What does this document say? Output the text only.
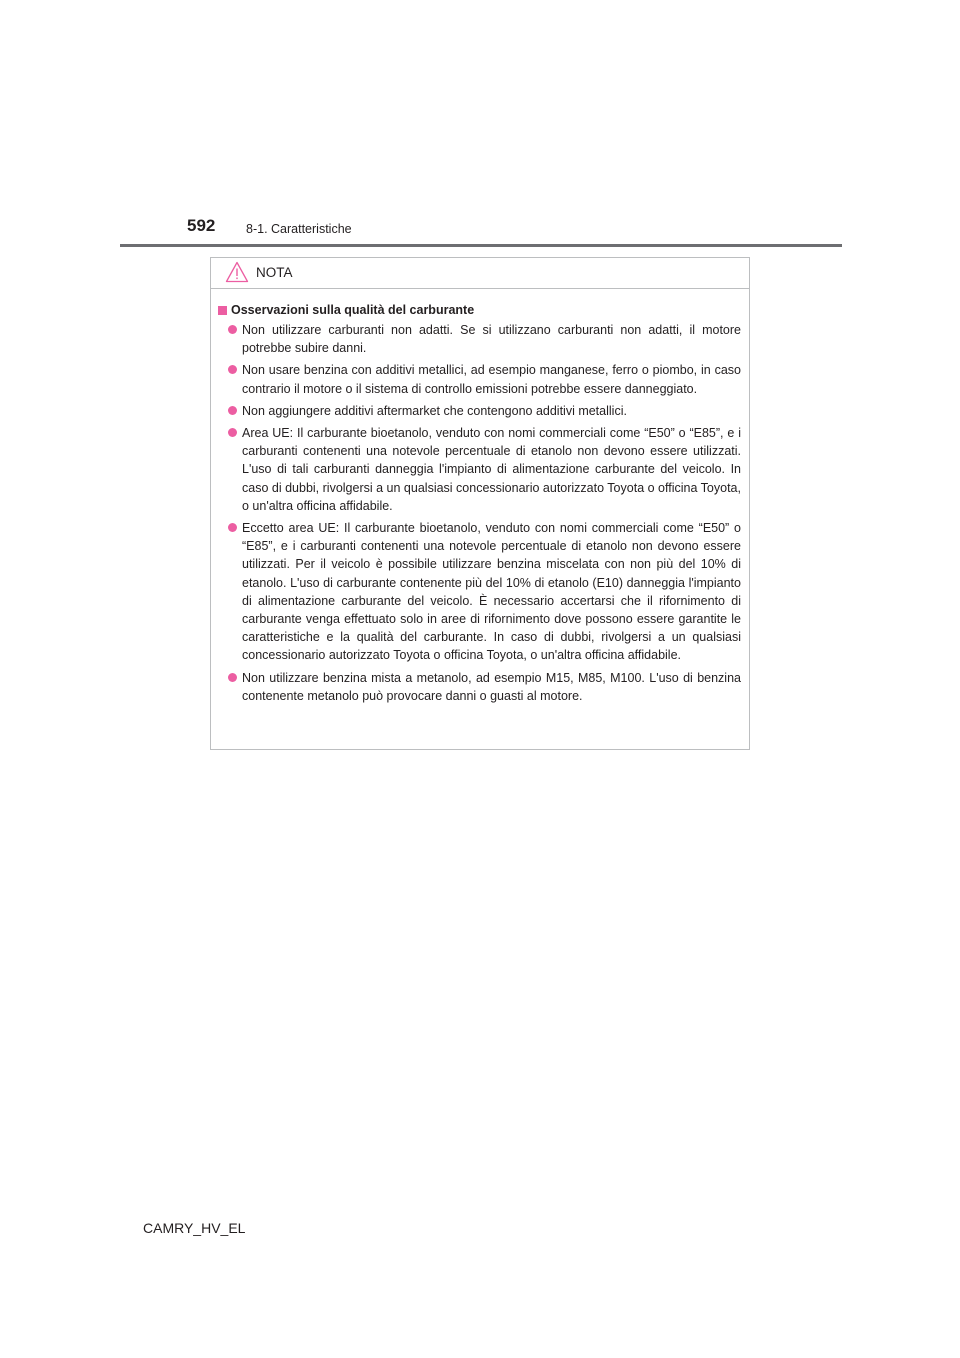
592 8-1. Caratteristiche
NOTA
Osservazioni sulla qualità del carburante
Non utilizzare carburanti non adatti. Se si utilizzano carburanti non adatti, il motore potrebbe subire danni.
Non usare benzina con additivi metallici, ad esempio manganese, ferro o piombo, in caso contrario il motore o il sistema di controllo emissioni potrebbe essere danneggiato.
Non aggiungere additivi aftermarket che contengono additivi metallici.
Area UE: Il carburante bioetanolo, venduto con nomi commerciali come “E50” o “E85”, e i carburanti contenenti una notevole percentuale di etanolo non devono essere utilizzati. L'uso di tali carburanti danneggia l'impianto di alimentazione carburante del veicolo. In caso di dubbi, rivolgersi a un qualsiasi concessionario autorizzato Toyota o officina Toyota, o un'altra officina affidabile.
Eccetto area UE: Il carburante bioetanolo, venduto con nomi commerciali come “E50” o “E85”, e i carburanti contenenti una notevole percentuale di etanolo non devono essere utilizzati. Per il veicolo è possibile utilizzare benzina miscelata con non più del 10% di etanolo. L'uso di carburante contenente più del 10% di etanolo (E10) danneggia l'impianto di alimentazione carburante del veicolo. È necessario accertarsi che il rifornimento di carburante venga effettuato solo in aree di rifornimento dove possono essere garantite le caratteristiche e la qualità del carburante. In caso di dubbi, rivolgersi a un qualsiasi concessionario autorizzato Toyota o officina Toyota, o un'altra officina affidabile.
Non utilizzare benzina mista a metanolo, ad esempio M15, M85, M100. L'uso di benzina contenente metanolo può provocare danni o guasti al motore.
CAMRY_HV_EL
